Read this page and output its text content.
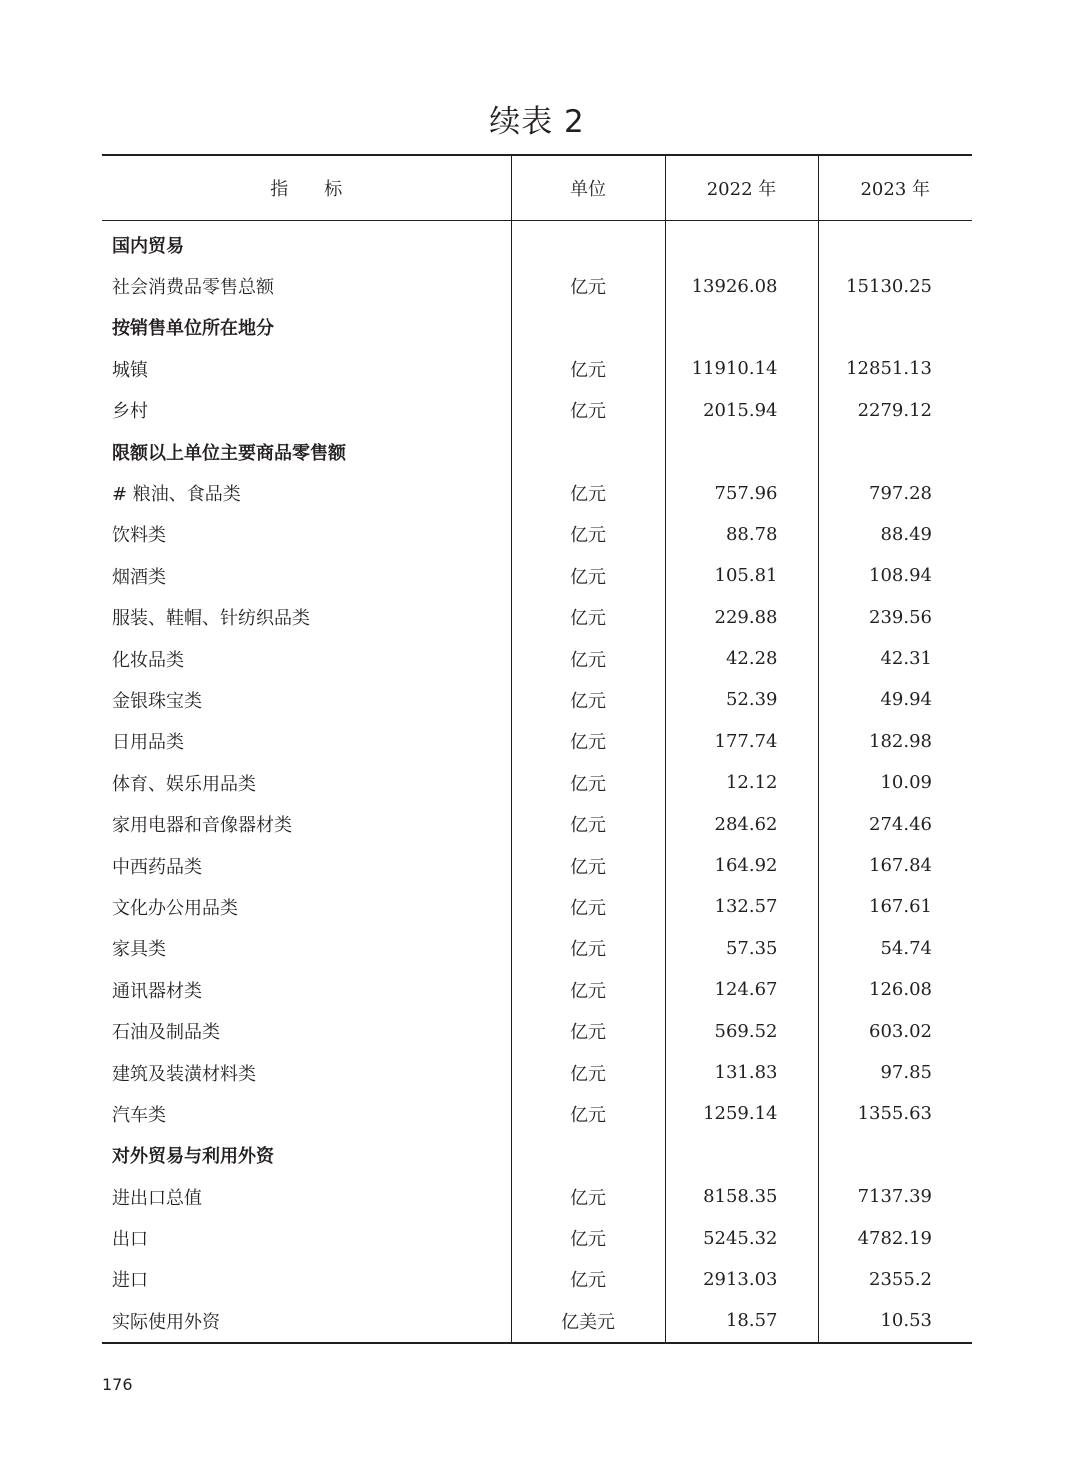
续表 2
指　　标	单位	2022 年	2023 年
国内贸易			
社会消费品零售总额	亿元	13926.08	15130.25
按销售单位所在地分			
城镇	亿元	11910.14	12851.13
乡村	亿元	2015.94	2279.12
限额以上单位主要商品零售额			
# 粮油、食品类	亿元	757.96	797.28
饮料类	亿元	88.78	88.49
烟酒类	亿元	105.81	108.94
服装、鞋帽、针纺织品类	亿元	229.88	239.56
化妆品类	亿元	42.28	42.31
金银珠宝类	亿元	52.39	49.94
日用品类	亿元	177.74	182.98
体育、娱乐用品类	亿元	12.12	10.09
家用电器和音像器材类	亿元	284.62	274.46
中西药品类	亿元	164.92	167.84
文化办公用品类	亿元	132.57	167.61
家具类	亿元	57.35	54.74
通讯器材类	亿元	124.67	126.08
石油及制品类	亿元	569.52	603.02
建筑及装潢材料类	亿元	131.83	97.85
汽车类	亿元	1259.14	1355.63
对外贸易与利用外资			
进出口总值	亿元	8158.35	7137.39
出口	亿元	5245.32	4782.19
进口	亿元	2913.03	2355.2
实际使用外资	亿美元	18.57	10.53
176
